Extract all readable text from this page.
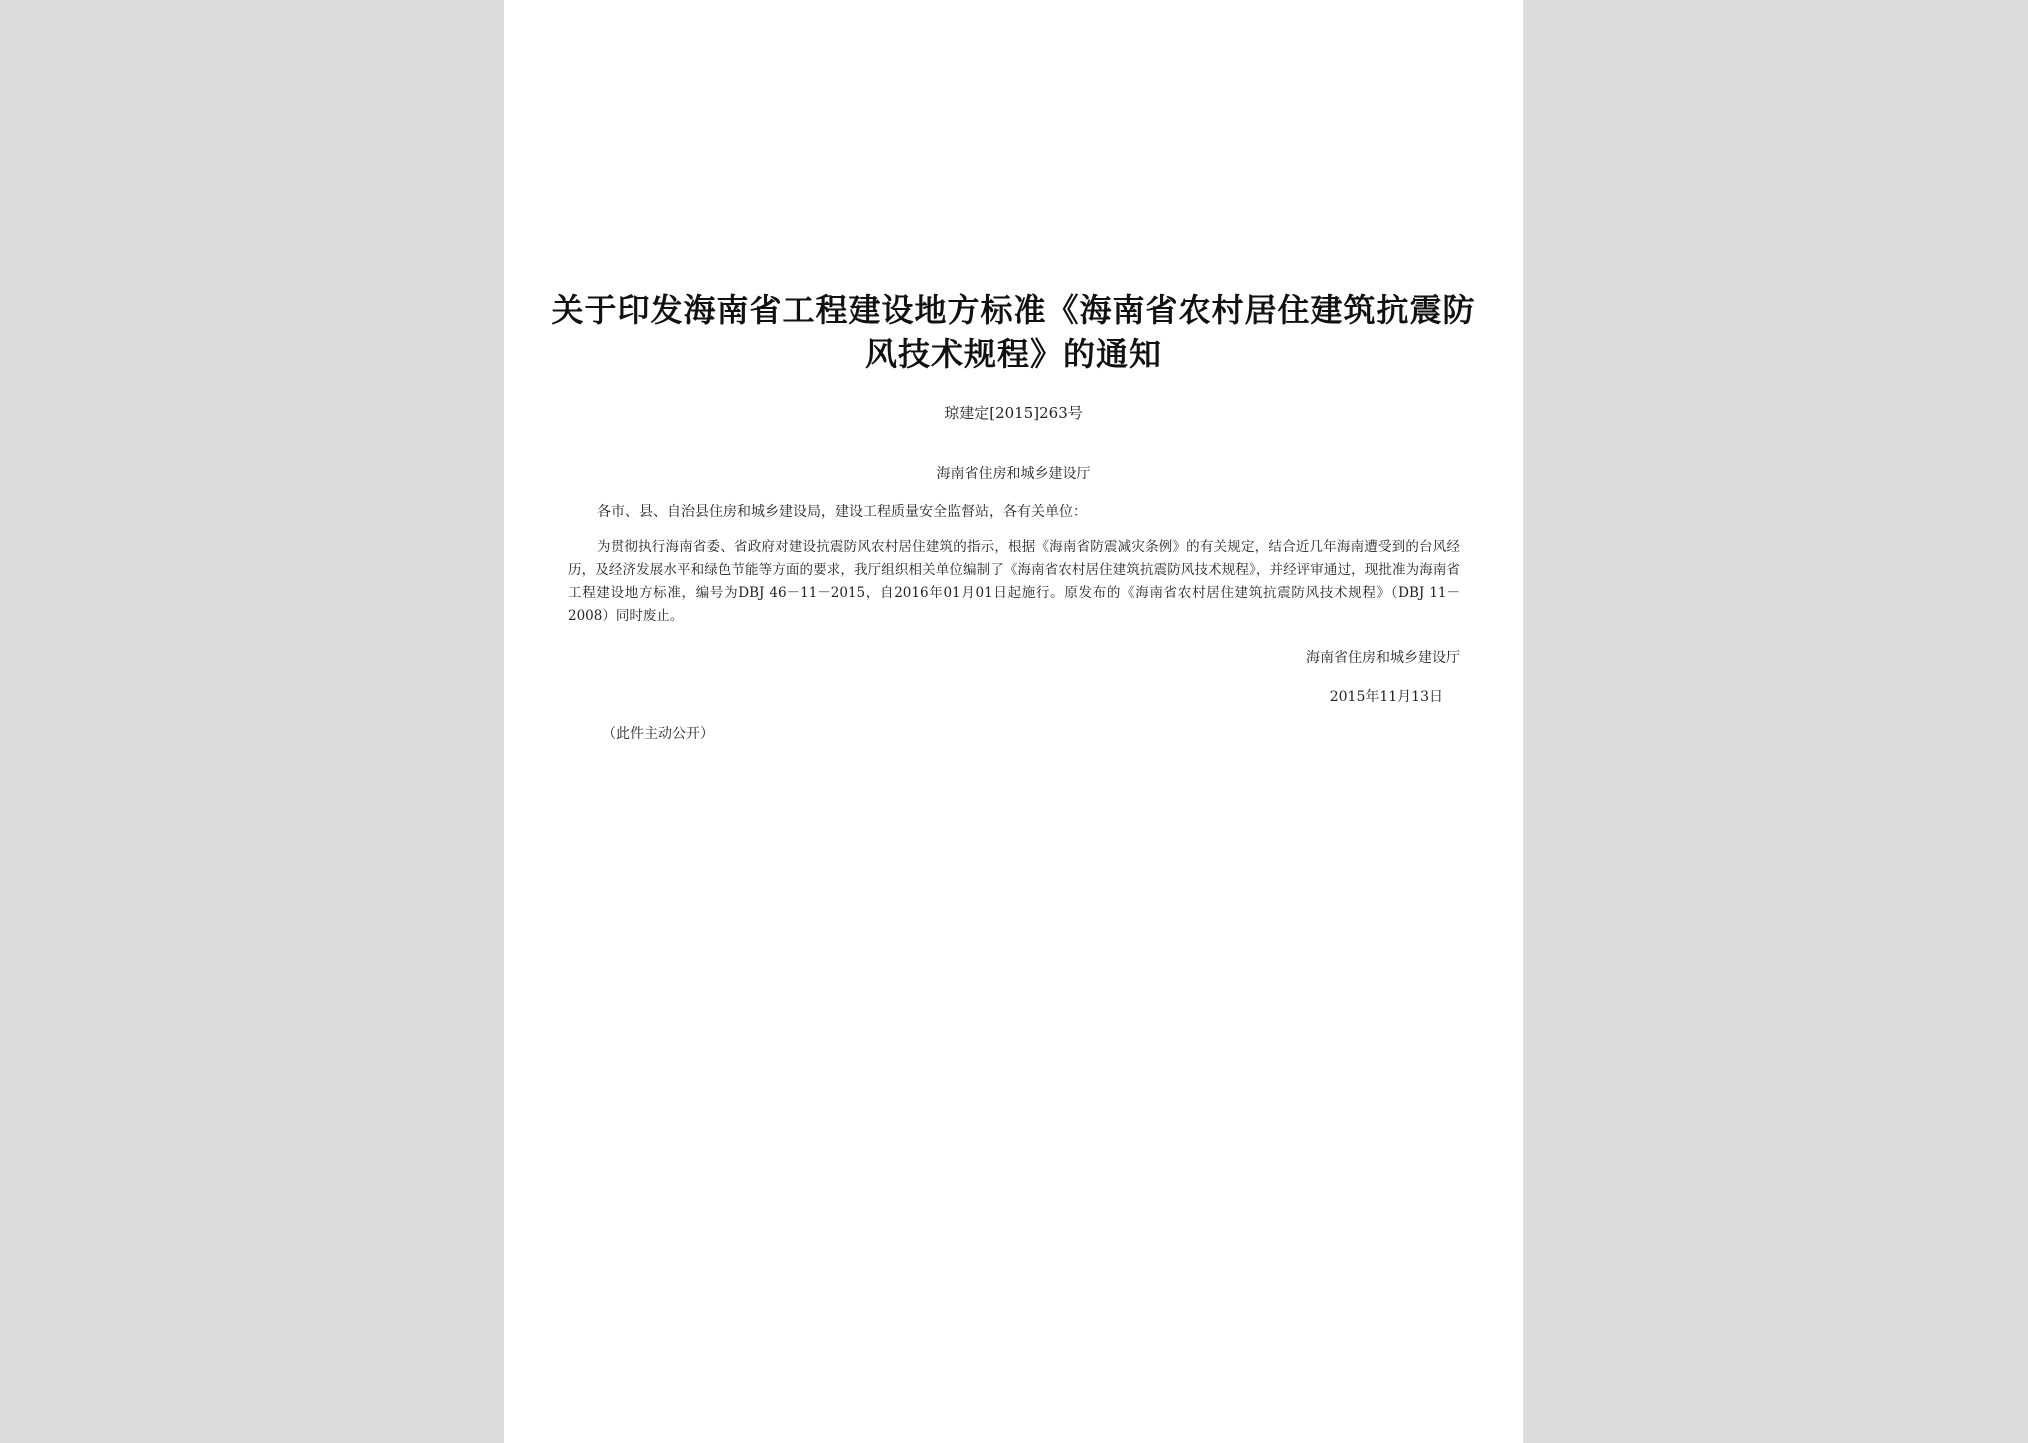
关于印发海南省工程建设地方标准《海南省农村居住建筑抗震防风技术规程》的通知
琼建定[2015]263号
海南省住房和城乡建设厅
各市、县、自治县住房和城乡建设局，建设工程质量安全监督站，各有关单位：

为贯彻执行海南省委、省政府对建设抗震防风农村居住建筑的指示，根据《海南省防震减灾条例》的有关规定，结合近几年海南遭受到的台风经历，及经济发展水平和绿色节能等方面的要求，我厅组织相关单位编制了《海南省农村居住建筑抗震防风技术规程》，并经评审通过，现批准为海南省工程建设地方标准，编号为DBJ 46－11－2015，自2016年01月01日起施行。原发布的《海南省农村居住建筑抗震防风技术规程》（DBJ 11－2008）同时废止。

海南省住房和城乡建设厅
2015年11月13日
（此件主动公开）
